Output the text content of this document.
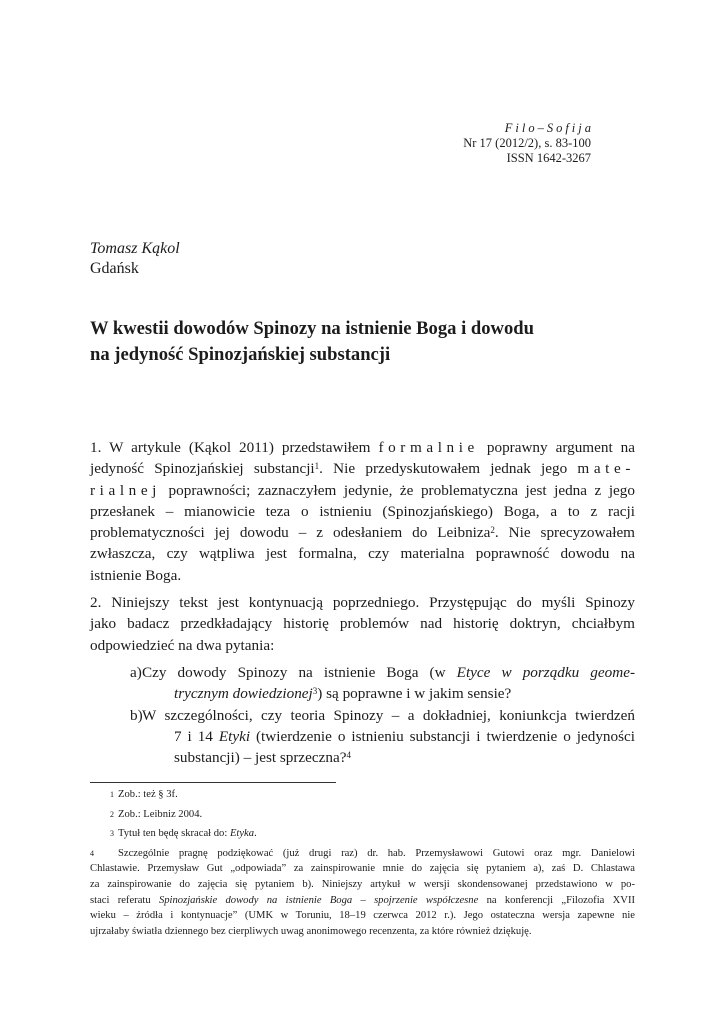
Filo–Sofija
Nr 17 (2012/2), s. 83-100
ISSN 1642-3267
Tomasz Kąkol
Gdańsk
W kwestii dowodów Spinozy na istnienie Boga i dowodu
na jedyność Spinozjańskiej substancji

1. W artykule (Kąkol 2011) przedstawiłem formalnie poprawny argument na
jedyność Spinozjańskiej substancji$^1$. Nie przedyskutowałem jednak jego mate-
rialnej poprawności; zaznaczyłem jedynie, że problematyczna jest jedna z jego
przesłanek – mianowicie teza o istnieniu (Spinozjańskiego) Boga, a to z racji
problematyczności jej dowodu – z odesłaniem do Leibniza$^2$. Nie sprecyzowałem
zwłaszcza, czy wątpliwa jest formalna, czy materialna poprawność dowodu na
istnienie Boga.

2. Niniejszy tekst jest kontynuacją poprzedniego. Przystępując do myśli Spinozy
jako badacz przedkładający historię problemów nad historię doktryn, chciałbym
odpowiedzieć na dwa pytania:

a) Czy dowody Spinozy na istnienie Boga (w Etyce w porządku geome-
trycznym dowiedzionej$^3$) są poprawne i w jakim sensie?
b) W szczególności, czy teoria Spinozy – a dokładniej, koniunkcja twierdzeń
7 i 14 Etyki (twierdzenie o istnieniu substancji i twierdzenie o jedyności
substancji) – jest sprzeczna?$^4$
1 Zob.: też § 3f.
2 Zob.: Leibniz 2004.
3 Tytuł ten będę skracał do: Etyka.
4 Szczególnie pragnę podziękować (już drugi raz) dr. hab. Przemysławowi Gutowi oraz mgr. Danielowi
Chlastawie. Przemysław Gut „odpowiada” za zainspirowanie mnie do zajęcia się pytaniem a), zaś D. Chlastawa
za zainspirowanie do zajęcia się pytaniem b). Niniejszy artykuł w wersji skondensowanej przedstawiono w po-
staci referatu Spinozjańskie dowody na istnienie Boga – spojrzenie współczesne na konferencji „Filozofia XVII
wieku – źródła i kontynuacje” (UMK w Toruniu, 18–19 czerwca 2012 r.). Jego ostateczna wersja zapewne nie
ujrzałaby światła dziennego bez cierpliwych uwag anonimowego recenzenta, za które również dziękuję.
